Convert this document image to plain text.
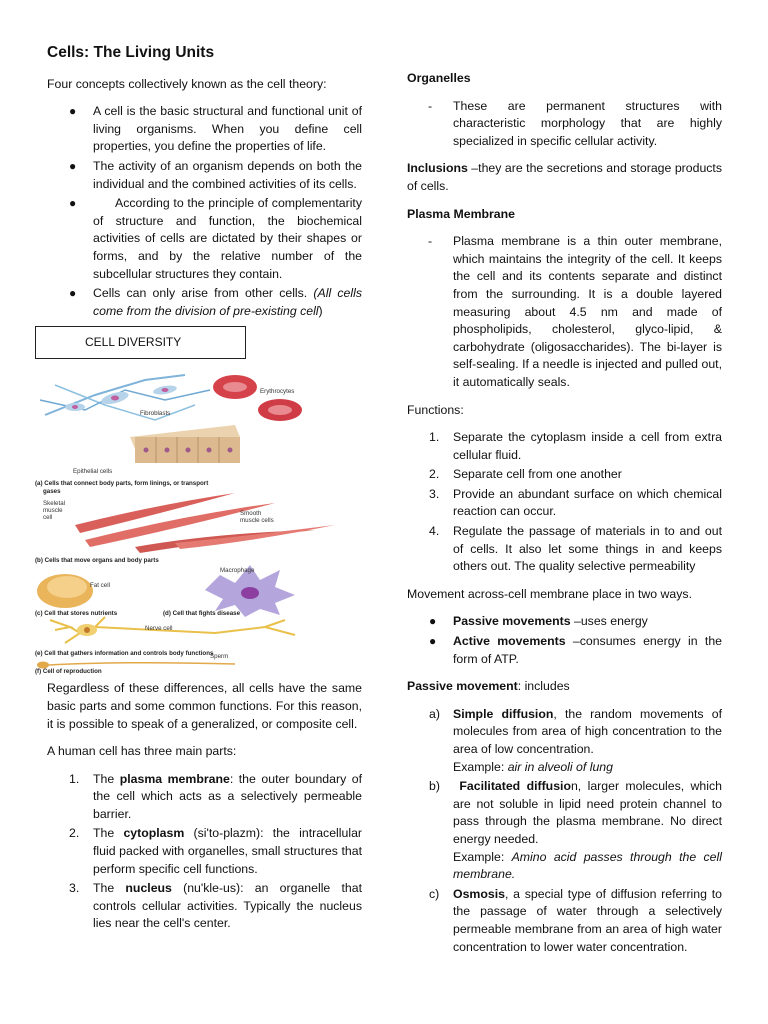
Cells: The Living Units

Four concepts collectively known as the cell theory:

● A cell is the basic structural and functional unit of living organisms. When you define cell properties, you define the properties of life.
● The activity of an organism depends on both the individual and the combined activities of its cells.
●	According to the principle of complementarity of structure and function, the biochemical activities of cells are dictated by their shapes or forms, and by the relative number of the subcellular structures they contain.
● Cells can only arise from other cells. (All cells come from the division of pre-existing cell)
CELL DIVERSITY
Fibroblasts
Erythrocytes
Epithelial cells
(a) Cells that connect body parts, form linings, or transport
gases
Skeletal
muscle
cell
Smooth
muscle cells
(b) Cells that move organs and body parts
Fat cell
(c) Cell that stores nutrients
Macrophage
(d) Cell that fights disease
Nerve cell
(e) Cell that gathers information and controls body functions
Sperm
(f) Cell of reproduction

Regardless of these differences, all cells have the same basic parts and some common functions. For this reason, it is possible to speak of a generalized, or composite cell.

A human cell has three main parts:

1. The plasma membrane: the outer boundary of the cell which acts as a selectively permeable barrier.
2. The cytoplasm (si'to-plazm): the intracellular fluid packed with organelles, small structures that perform specific cell functions.
3. The nucleus (nu'kle-us): an organelle that controls cellular activities. Typically the nucleus lies near the cell's center.
Organelles
- These are permanent structures with characteristic morphology that are highly specialized in specific cellular activity.

Inclusions –they are the secretions and storage products of cells.

Plasma Membrane
- Plasma membrane is a thin outer membrane, which maintains the integrity of the cell. It keeps the cell and its contents separate and distinct from the surrounding. It is a double layered measuring about 4.5 nm and made of phospholipids, cholesterol, glyco-lipid, & carbohydrate (oligosaccharides). The bi-layer is self-sealing. If a needle is injected and pulled out, it automatically seals.

Functions:

1. Separate the cytoplasm inside a cell from extra cellular fluid.
2. Separate cell from one another
3. Provide an abundant surface on which chemical reaction can occur.
4. Regulate the passage of materials in to and out of cells. It also let some things in and keeps others out. The quality selective permeability

Movement across-cell membrane place in two ways.

● Passive movements –uses energy
● Active movements –consumes energy in the form of ATP.

Passive movement: includes

a) Simple diffusion, the random movements of molecules from area of high concentration to the area of low concentration.
Example: air in alveoli of lung
b) Facilitated diffusion, larger molecules, which are not soluble in lipid need protein channel to pass through the plasma membrane. No direct energy needed.
Example: Amino acid passes through the cell membrane.
c) Osmosis, a special type of diffusion referring to the passage of water through a selectively permeable membrane from an area of high water concentration to lower water concentration.
